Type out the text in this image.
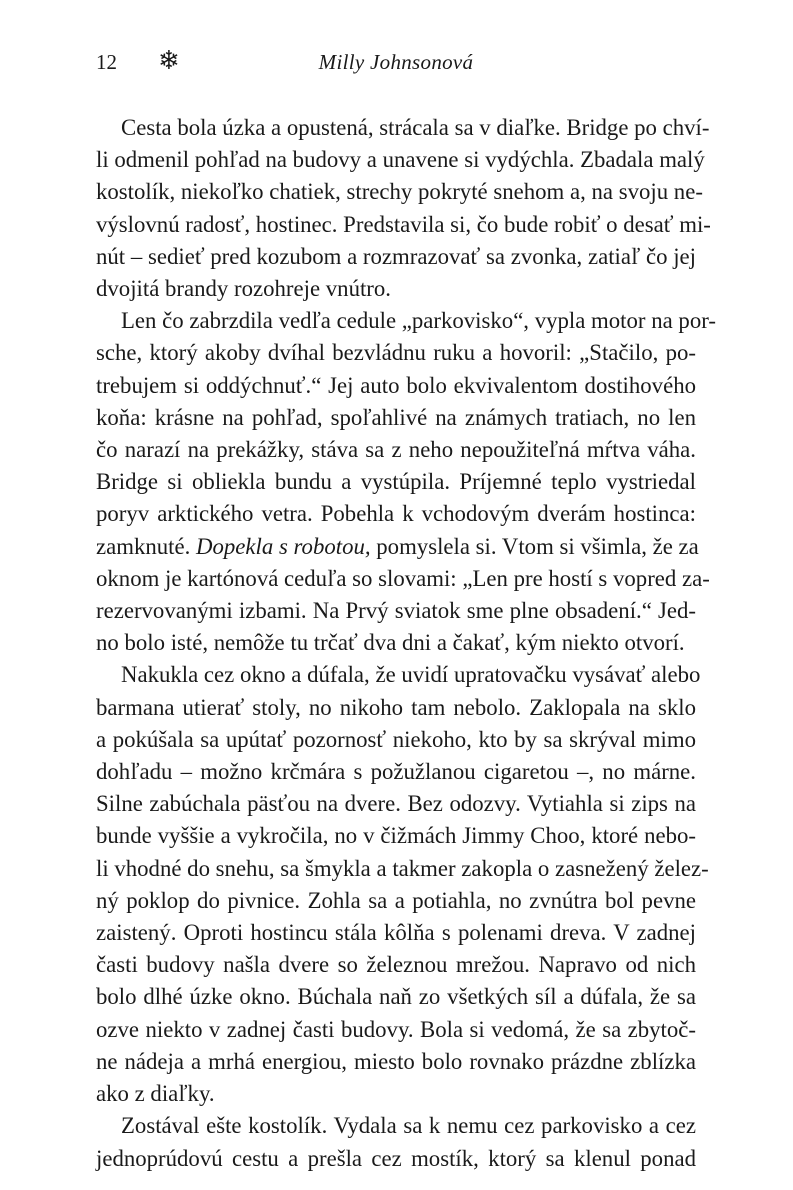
12 ❄	Milly Johnsonová
Cesta bola úzka a opustená, strácala sa v diaľke. Bridge po chví-
li odmenil pohľad na budovy a unavene si vydýchla. Zbadala malý
kostolík, niekoľko chatiek, strechy pokryté snehom a, na svoju ne-
výslovnú radosť, hostinec. Predstavila si, čo bude robiť o desať mi-
nút – sedieť pred kozubom a rozmrazovať sa zvonka, zatiaľ čo jej
dvojitá brandy rozohreje vnútro.
Len čo zabrzdila vedľa cedule „parkovisko“, vypla motor na por-
sche, ktorý akoby dvíhal bezvládnu ruku a hovoril: „Stačilo, po-
trebujem si oddýchnuť.“ Jej auto bolo ekvivalentom dostihového
koňa: krásne na pohľad, spoľahlivé na známych tratiach, no len
čo narazí na prekážky, stáva sa z neho nepoužiteľná mŕtva váha.
Bridge si obliekla bundu a vystúpila. Príjemné teplo vystriedal
poryv arktického vetra. Pobehla k vchodovým dverám hostinca:
zamknuté. Dopekla s robotou, pomyslela si. Vtom si všimla, že za
oknom je kartónová ceduľa so slovami: „Len pre hostí s vopred za-
rezervovanými izbami. Na Prvý sviatok sme plne obsadení.“ Jed-
no bolo isté, nemôže tu trčať dva dni a čakať, kým niekto otvorí.
Nakukla cez okno a dúfala, že uvidí upratovačku vysávať alebo
barmana utierať stoly, no nikoho tam nebolo. Zaklopala na sklo
a pokúšala sa upútať pozornosť niekoho, kto by sa skrýval mimo
dohľadu – možno krčmára s požužlanou cigaretou –, no márne.
Silne zabúchala päsťou na dvere. Bez odozvy. Vytiahla si zips na
bunde vyššie a vykročila, no v čižmách Jimmy Choo, ktoré nebo-
li vhodné do snehu, sa šmykla a takmer zakopla o zasnežený želez-
ný poklop do pivnice. Zohla sa a potiahla, no zvnútra bol pevne
zaistený. Oproti hostincu stála kôlňa s polenami dreva. V zadnej
časti budovy našla dvere so železnou mrežou. Napravo od nich
bolo dlhé úzke okno. Búchala naň zo všetkých síl a dúfala, že sa
ozve niekto v zadnej časti budovy. Bola si vedomá, že sa zbytoč-
ne nádeja a mrhá energiou, miesto bolo rovnako prázdne zblízka
ako z diaľky.
Zostával ešte kostolík. Vydala sa k nemu cez parkovisko a cez
jednoprúdovú cestu a prešla cez mostík, ktorý sa klenul ponad
